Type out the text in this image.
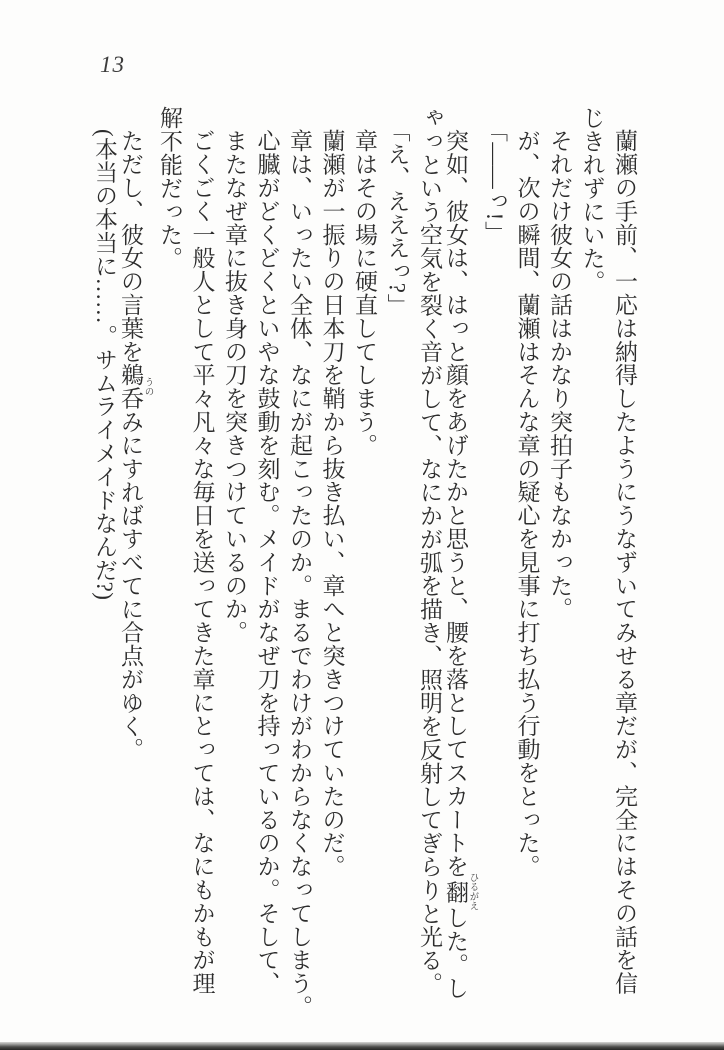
13
蘭瀬の手前、一応は納得したようにうなずいてみせる章だが、完全にはその話を信
じきれずにいた。
それだけ彼女の話はかなり突拍子もなかった。
が、次の瞬間、蘭瀬はそんな章の疑心を見事に打ち払う行動をとった。
「――っ!」
突如、彼女は、はっと顔をあげたかと思うと、腰を落としてスカートを翻 ひるがえした。し
ゃっという空気を裂く音がして、なにかが弧を描き、照明を反射してぎらりと光る。
「え、えええっ?」
章はその場に硬直してしまう。
蘭瀬が一振りの日本刀を鞘から抜き払い、章へと突きつけていたのだ。
章は、いったい全体、なにが起こったのか。まるでわけがわからなくなってしまう。
心臓がどくどくといやな鼓動を刻む。メイドがなぜ刀を持っているのか。そして、
またなぜ章に抜き身の刀を突きつけているのか。
ごくごく一般人として平々凡々な毎日を送ってきた章にとっては、なにもかもが理
解不能だった。
ただし、彼女の言葉を鵜呑 うのみにすればすべてに合点がゆく。
(本当の本当に……。サムライメイドなんだ?)
